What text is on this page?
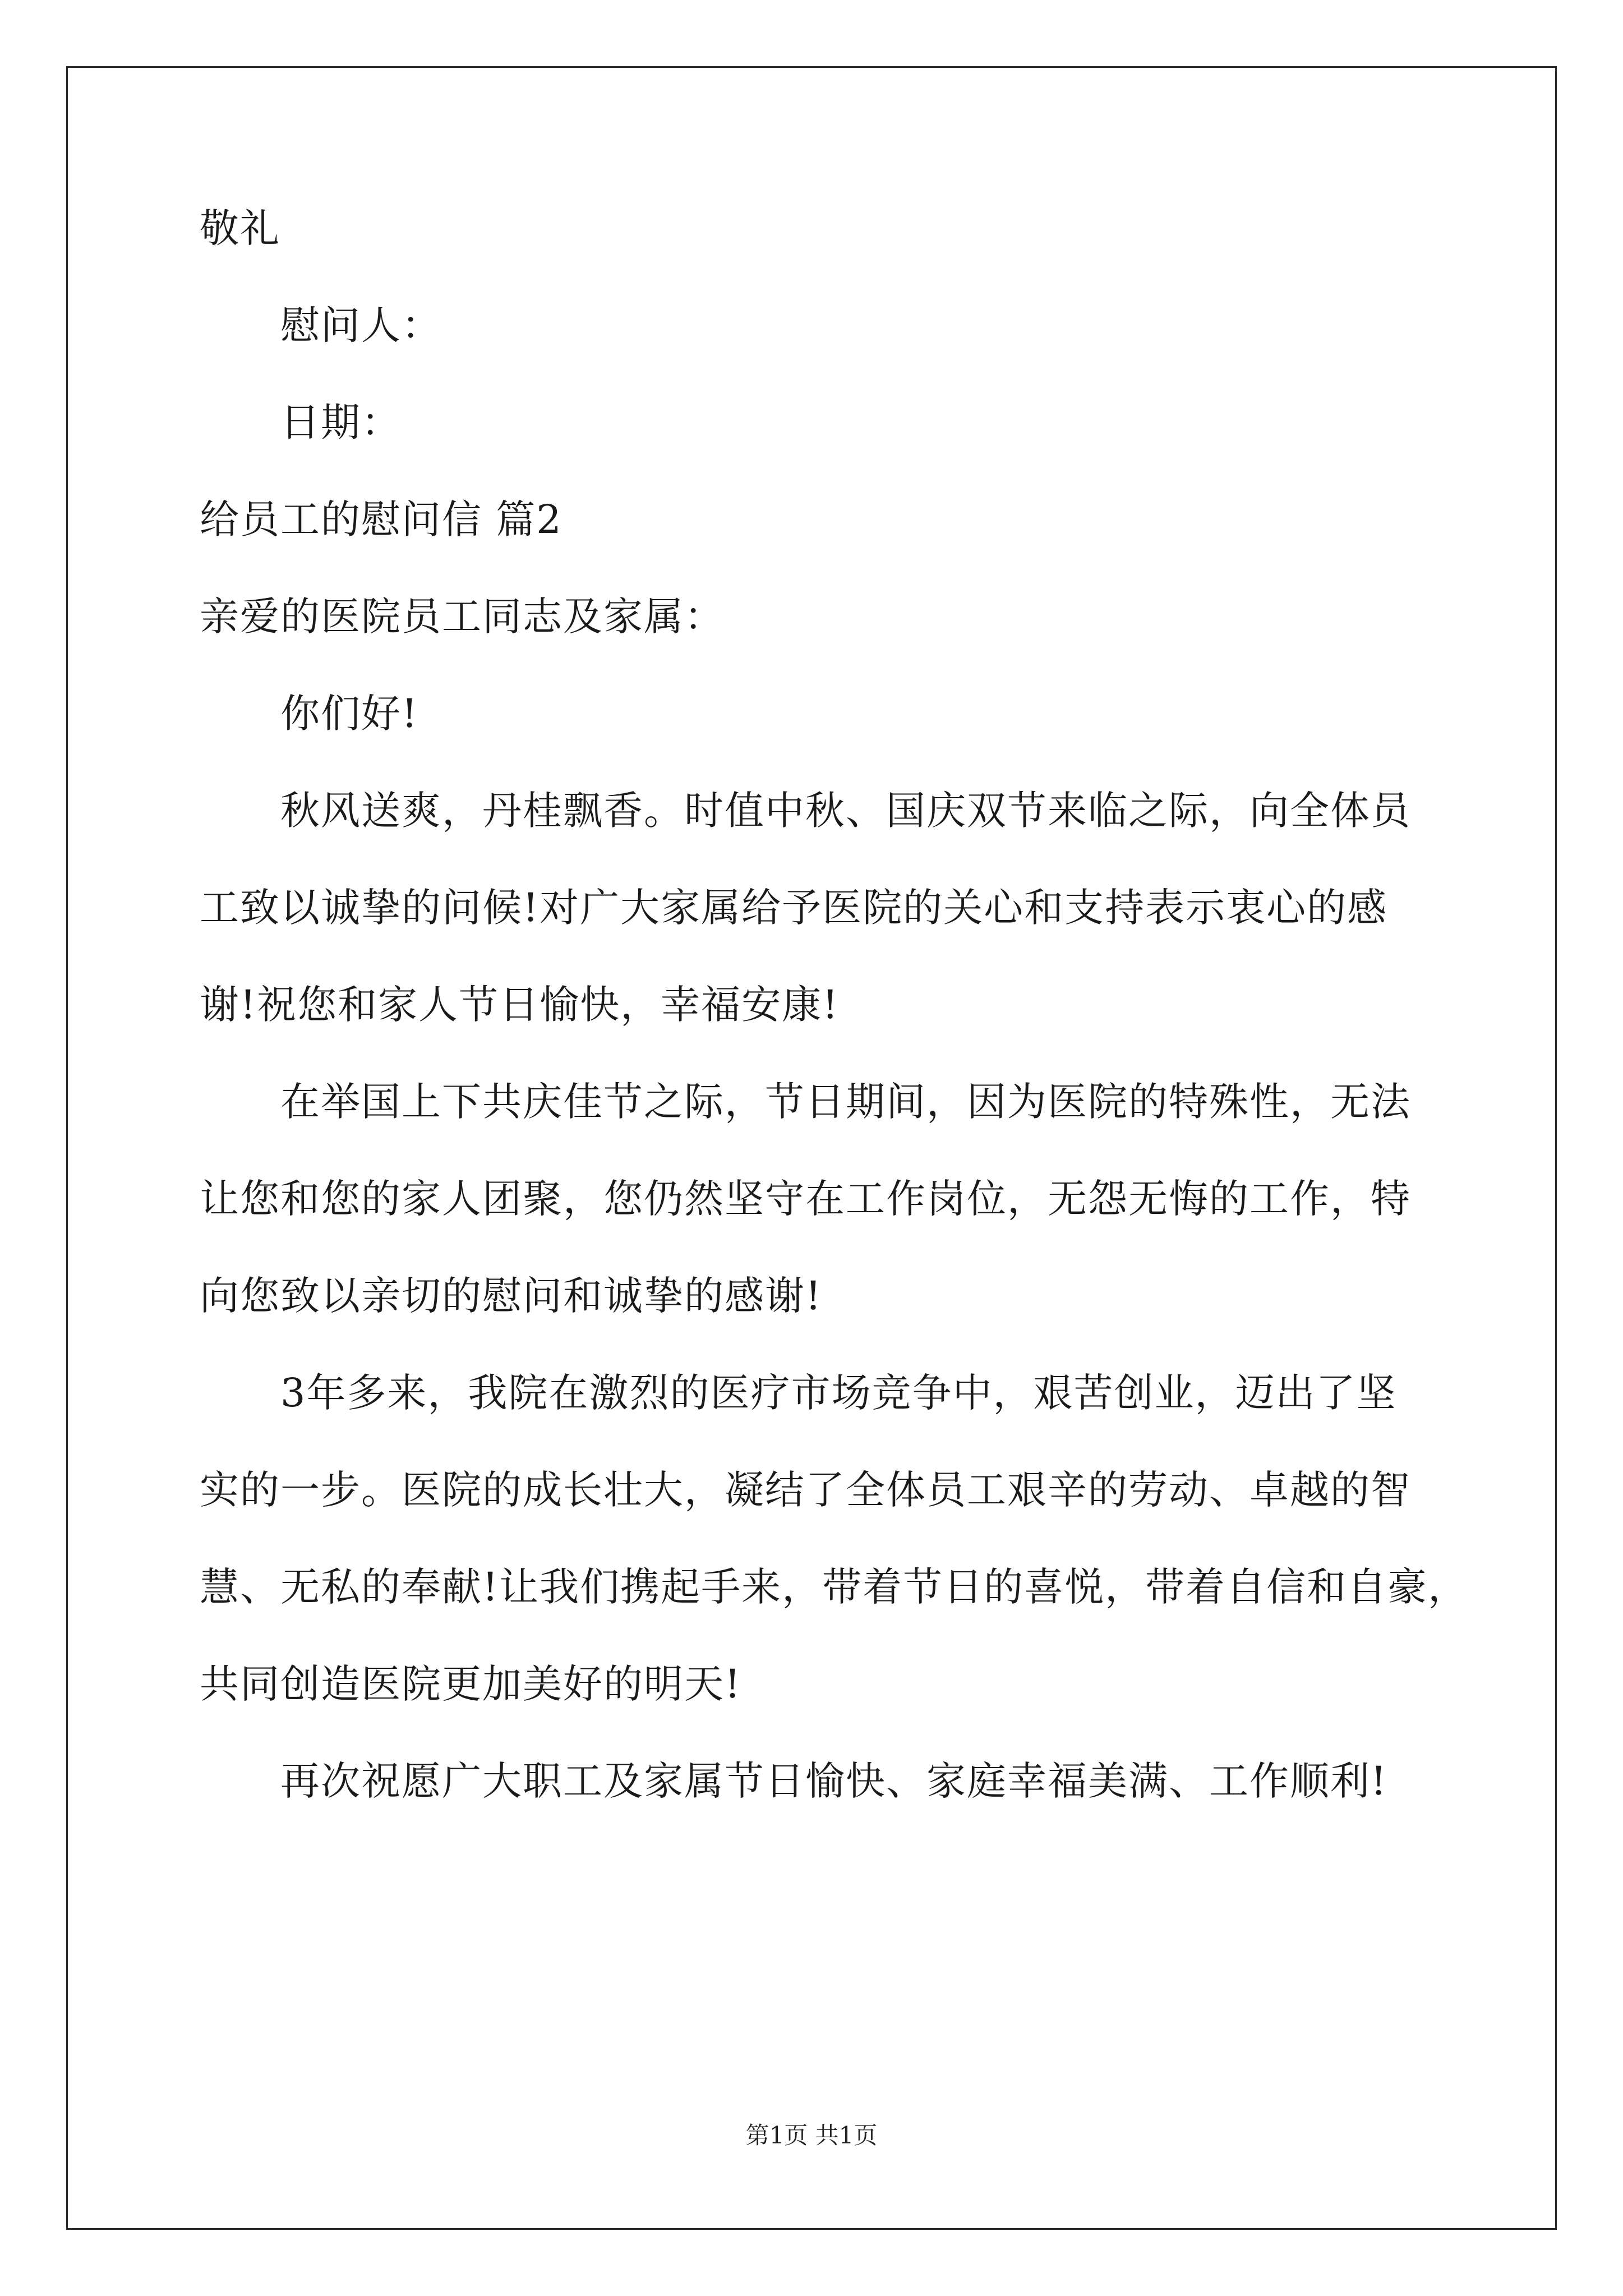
敬礼
慰问人：
日期：
给员工的慰问信 篇2
亲爱的医院员工同志及家属：
你们好!
秋风送爽，丹桂飘香。时值中秋、国庆双节来临之际，向全体员
工致以诚挚的问候!对广大家属给予医院的关心和支持表示衷心的感
谢!祝您和家人节日愉快，幸福安康!
在举国上下共庆佳节之际，节日期间，因为医院的特殊性，无法
让您和您的家人团聚，您仍然坚守在工作岗位，无怨无悔的工作，特
向您致以亲切的慰问和诚挚的感谢!
3年多来，我院在激烈的医疗市场竞争中，艰苦创业，迈出了坚
实的一步。医院的成长壮大，凝结了全体员工艰辛的劳动、卓越的智
慧、无私的奉献!让我们携起手来，带着节日的喜悦，带着自信和自豪，
共同创造医院更加美好的明天!
再次祝愿广大职工及家属节日愉快、家庭幸福美满、工作顺利!
第1页 共1页
